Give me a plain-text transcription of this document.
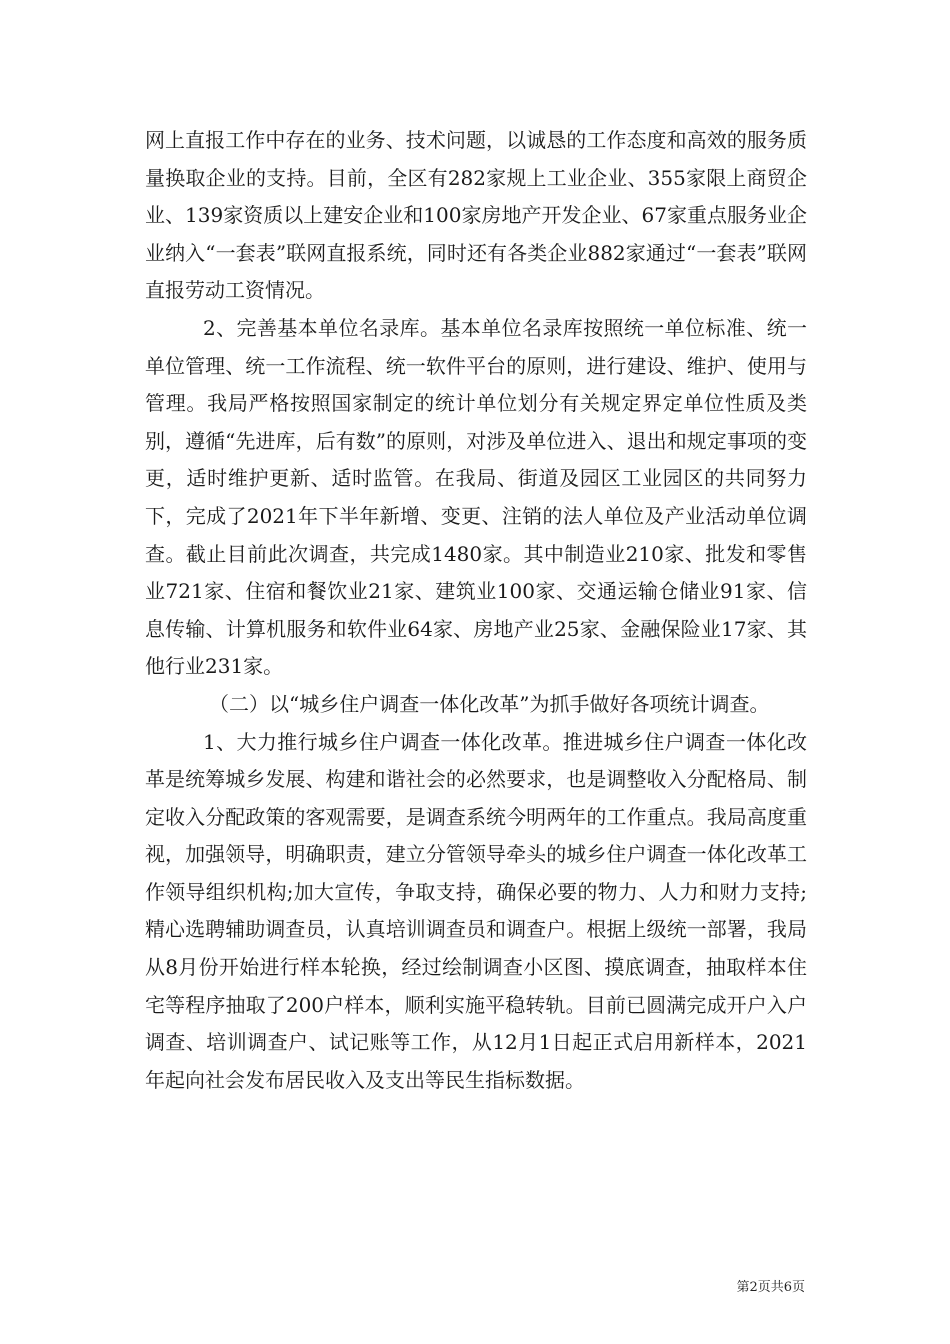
网上直报工作中存在的业务、技术问题，以诚恳的工作态度和高效的服务质量换取企业的支持。目前，全区有282家规上工业企业、355家限上商贸企业、139家资质以上建安企业和100家房地产开发企业、67家重点服务业企业纳入“一套表”联网直报系统，同时还有各类企业882家通过“一套表”联网直报劳动工资情况。

2、完善基本单位名录库。基本单位名录库按照统一单位标准、统一单位管理、统一工作流程、统一软件平台的原则，进行建设、维护、使用与管理。我局严格按照国家制定的统计单位划分有关规定界定单位性质及类别，遵循“先进库，后有数”的原则，对涉及单位进入、退出和规定事项的变更，适时维护更新、适时监管。在我局、街道及园区工业园区的共同努力下，完成了2021年下半年新增、变更、注销的法人单位及产业活动单位调查。截止目前此次调查，共完成1480家。其中制造业210家、批发和零售业721家、住宿和餐饮业21家、建筑业100家、交通运输仓储业91家、信息传输、计算机服务和软件业64家、房地产业25家、金融保险业17家、其他行业231家。

（二）以“城乡住户调查一体化改革”为抓手做好各项统计调查。

1、大力推行城乡住户调查一体化改革。推进城乡住户调查一体化改革是统筹城乡发展、构建和谐社会的必然要求，也是调整收入分配格局、制定收入分配政策的客观需要，是调查系统今明两年的工作重点。我局高度重视，加强领导，明确职责，建立分管领导牵头的城乡住户调查一体化改革工作领导组织机构;加大宣传，争取支持，确保必要的物力、人力和财力支持;精心选聘辅助调查员，认真培训调查员和调查户。根据上级统一部署，我局从8月份开始进行样本轮换，经过绘制调查小区图、摸底调查，抽取样本住宅等程序抽取了200户样本，顺利实施平稳转轨。目前已圆满完成开户入户调查、培训调查户、试记账等工作，从12月1日起正式启用新样本，2021年起向社会发布居民收入及支出等民生指标数据。

第2页共6页
